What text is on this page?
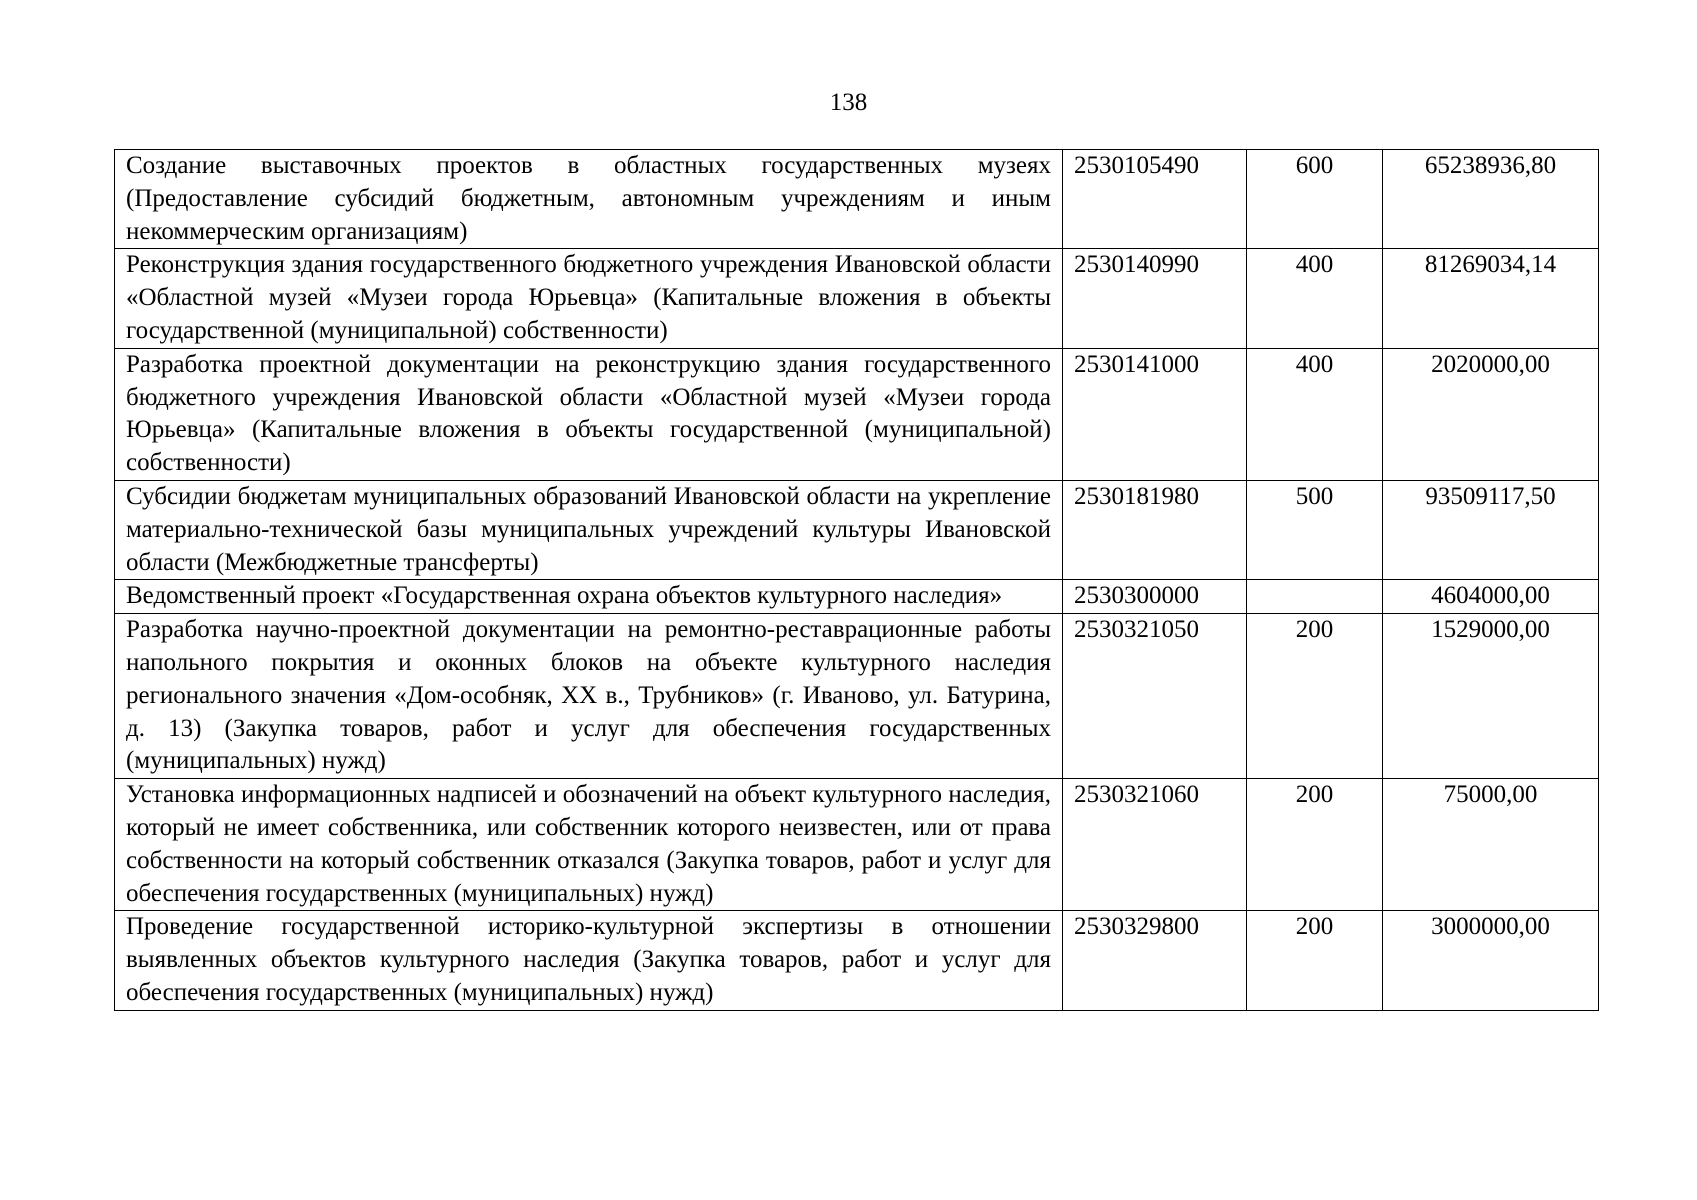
138
Создание выставочных проектов в областных государственных музеях (Предоставление субсидий бюджетным, автономным учреждениям и иным некоммерческим организациям)	2530105490	600	65238936,80
Реконструкция здания государственного бюджетного учреждения Ивановской области «Областной музей «Музеи города Юрьевца» (Капитальные вложения в объекты государственной (муниципальной) собственности)	2530140990	400	81269034,14
Разработка проектной документации на реконструкцию здания государственного бюджетного учреждения Ивановской области «Областной музей «Музеи города Юрьевца» (Капитальные вложения в объекты государственной (муниципальной) собственности)	2530141000	400	2020000,00
Субсидии бюджетам муниципальных образований Ивановской области на укрепление материально-технической базы муниципальных учреждений культуры Ивановской области (Межбюджетные трансферты)	2530181980	500	93509117,50
Ведомственный проект «Государственная охрана объектов культурного наследия»	2530300000		4604000,00
Разработка научно-проектной документации на ремонтно-реставрационные работы напольного покрытия и оконных блоков на объекте культурного наследия регионального значения «Дом-особняк, XX в., Трубников» (г. Иваново, ул. Батурина, д. 13) (Закупка товаров, работ и услуг для обеспечения государственных (муниципальных) нужд)	2530321050	200	1529000,00
Установка информационных надписей и обозначений на объект культурного наследия, который не имеет собственника, или собственник которого неизвестен, или от права собственности на который собственник отказался (Закупка товаров, работ и услуг для обеспечения государственных (муниципальных) нужд)	2530321060	200	75000,00
Проведение государственной историко-культурной экспертизы в отношении выявленных объектов культурного наследия (Закупка товаров, работ и услуг для обеспечения государственных (муниципальных) нужд)	2530329800	200	3000000,00
